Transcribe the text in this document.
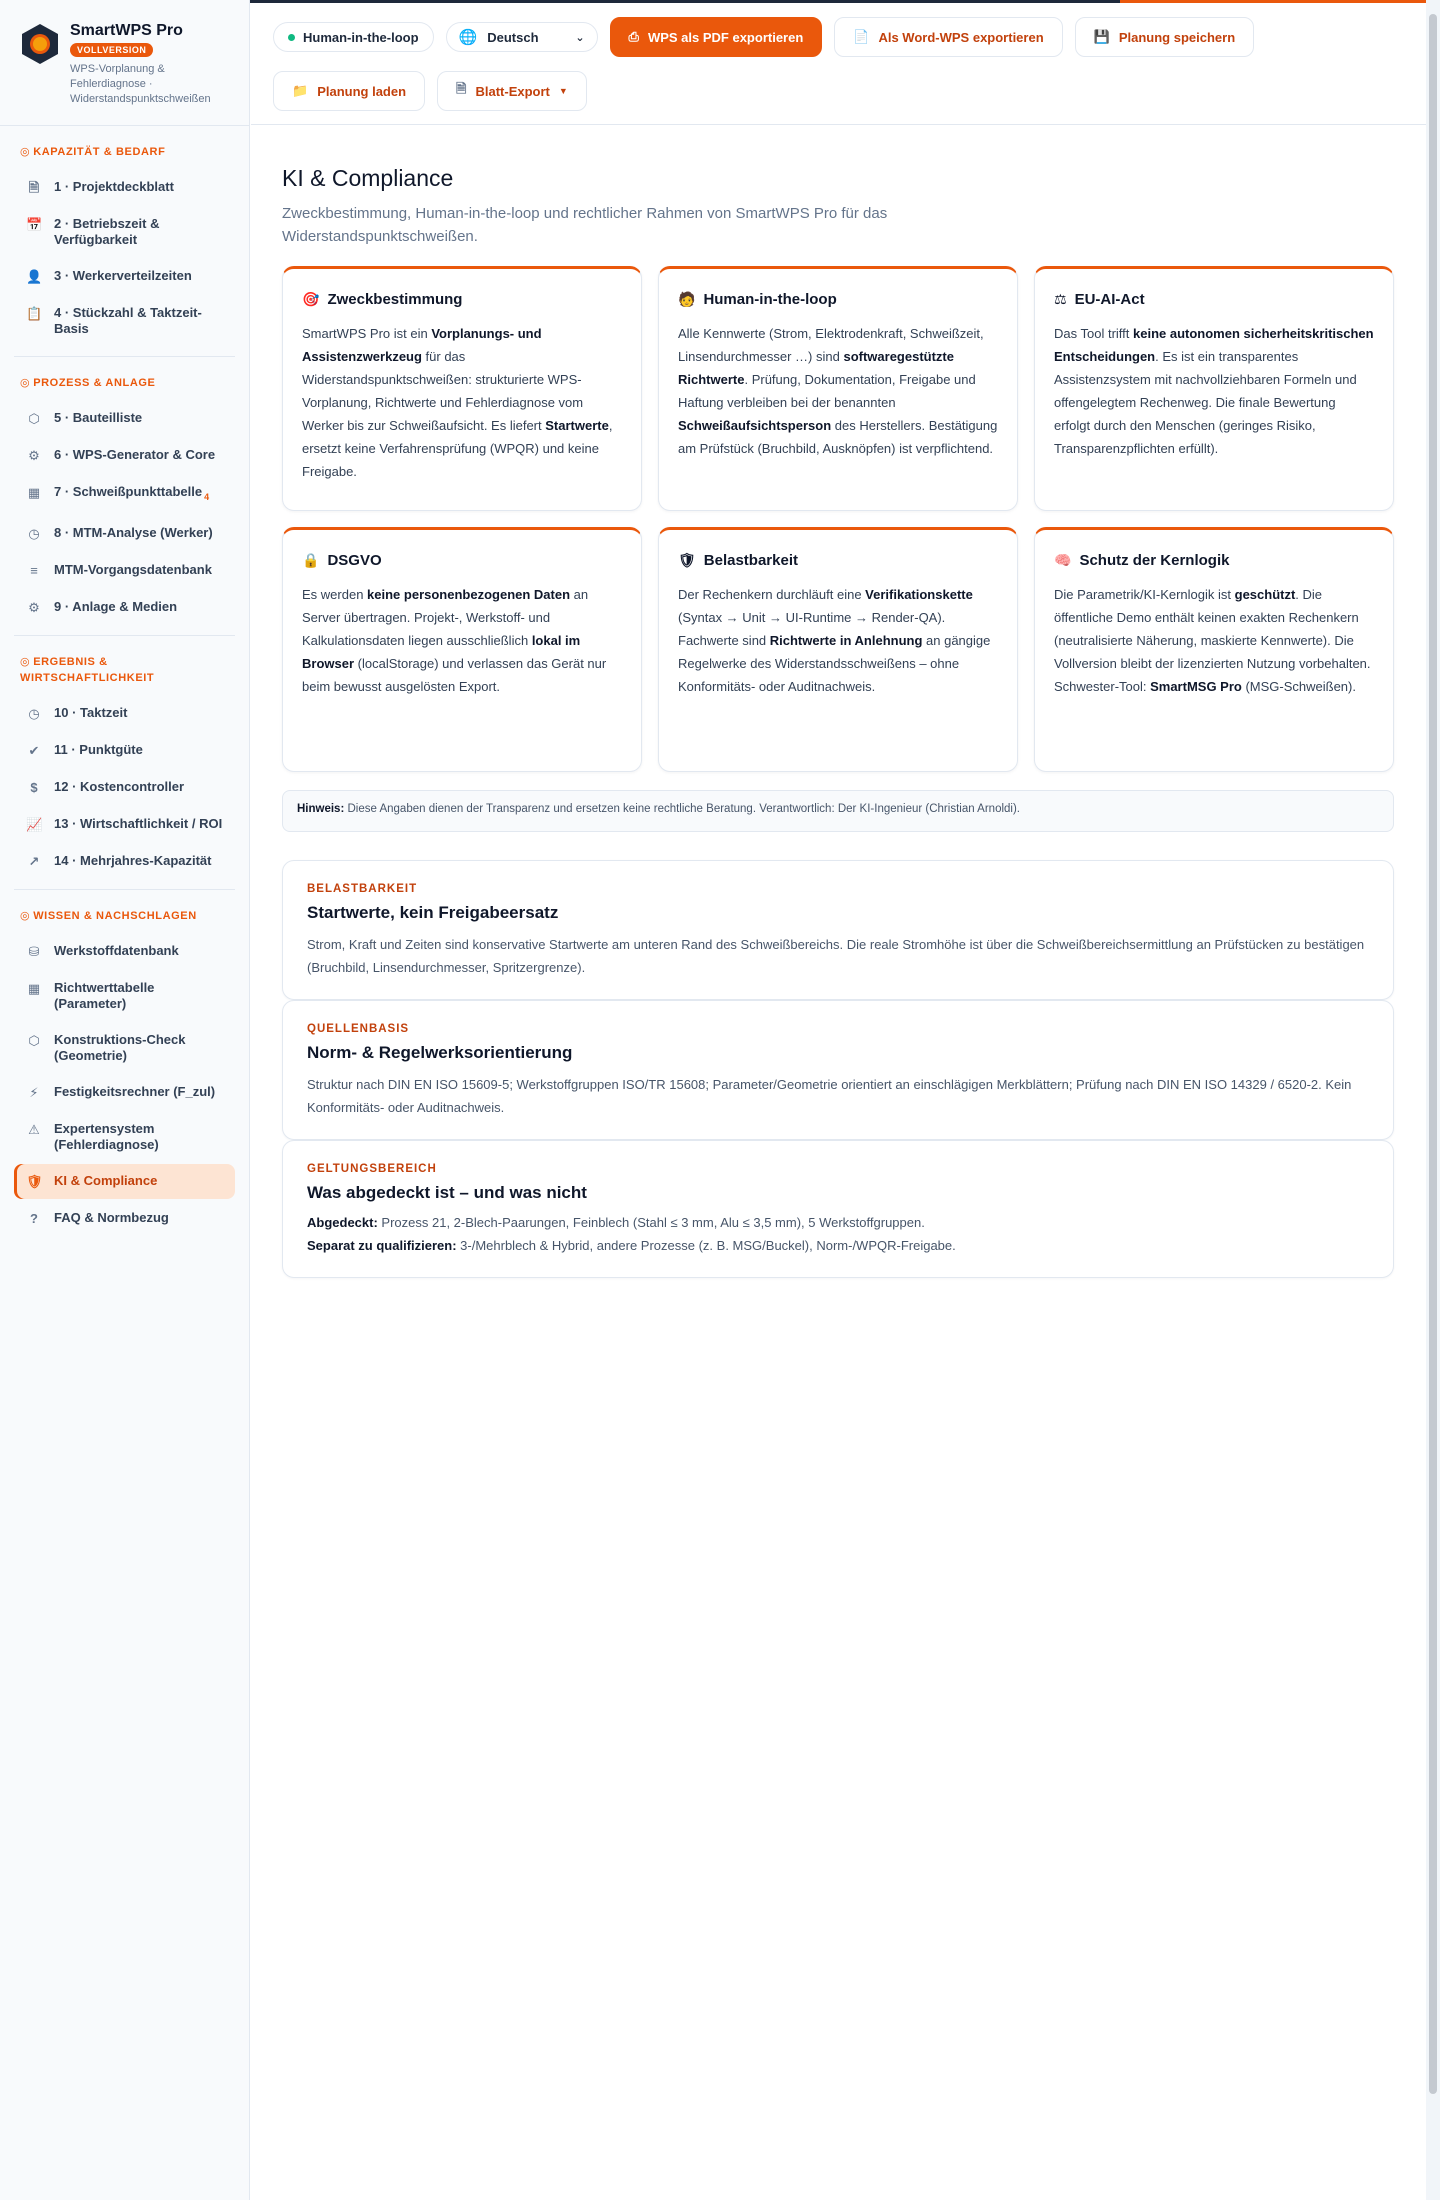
SmartWPS Pro
VOLLVERSION
WPS-Vorplanung & Fehlerdiagnose · Widerstandspunktschweißen
◎ KAPAZITÄT & BEDARF
🗎 1 · Projektdeckblatt
📅 2 · Betriebszeit & Verfügbarkeit
👤 3 · Werkerverteilzeiten
📋 4 · Stückzahl & Taktzeit-Basis
◎ PROZESS & ANLAGE
⬡ 5 · Bauteilliste
⚙ 6 · WPS-Generator & Core
▦ 7 · Schweißpunkttabelle $_4$
◷ 8 · MTM-Analyse (Werker)
≡	MTM-Vorgangsdatenbank
⚙ 9 · Anlage & Medien
◎ ERGEBNIS & WIRTSCHAFTLICHKEIT
◷ 10 · Taktzeit
✔ 11 · Punktgüte
$	12 · Kostencontroller
📈 13 · Wirtschaftlichkeit / ROI
↗ 14 · Mehrjahres-Kapazität
◎ WISSEN & NACHSCHLAGEN
⛁ Werkstoffdatenbank
▦ Richtwerttabelle (Parameter)
⬡ Konstruktions-Check (Geometrie)
⚡ Festigkeitsrechner (F_zul)
⚠ Expertensystem (Fehlerdiagnose)
🛡 KI & Compliance
?	FAQ & Normbezug
Human-in-the-loop	🌐 Deutsch	⌄	⎙ WPS als PDF exportieren	📄 Als Word-WPS exportieren	💾 Planung speichern
📁 Planung laden	🗎 Blatt-Export ▼
KI & Compliance

Zweckbestimmung, Human-in-the-loop und rechtlicher Rahmen von SmartWPS Pro für das Widerstandspunktschweißen.

🎯 Zweckbestimmung
SmartWPS Pro ist ein Vorplanungs- und Assistenzwerkzeug für das Widerstandspunktschweißen: strukturierte WPS-Vorplanung, Richtwerte und Fehlerdiagnose vom Werker bis zur Schweißaufsicht. Es liefert Startwerte, ersetzt keine Verfahrensprüfung (WPQR) und keine Freigabe.
🧑 Human-in-the-loop
Alle Kennwerte (Strom, Elektrodenkraft, Schweißzeit, Linsendurchmesser …) sind softwaregestützte Richtwerte. Prüfung, Dokumentation, Freigabe und Haftung verbleiben bei der benannten Schweißaufsichtsperson des Herstellers. Bestätigung am Prüfstück (Bruchbild, Ausknöpfen) ist verpflichtend.
⚖ EU-AI-Act
Das Tool trifft keine autonomen sicherheitskritischen Entscheidungen. Es ist ein transparentes Assistenzsystem mit nachvollziehbaren Formeln und offengelegtem Rechenweg. Die finale Bewertung erfolgt durch den Menschen (geringes Risiko, Transparenzpflichten erfüllt).
🔒 DSGVO
Es werden keine personenbezogenen Daten an Server übertragen. Projekt-, Werkstoff- und Kalkulationsdaten liegen ausschließlich lokal im Browser (localStorage) und verlassen das Gerät nur beim bewusst ausgelösten Export.
🛡 Belastbarkeit
Der Rechenkern durchläuft eine Verifikationskette (Syntax → Unit → UI-Runtime → Render-QA). Fachwerte sind Richtwerte in Anlehnung an gängige Regelwerke des Widerstandsschweißens – ohne Konformitäts- oder Auditnachweis.
🧠 Schutz der Kernlogik
Die Parametrik/KI-Kernlogik ist geschützt. Die öffentliche Demo enthält keinen exakten Rechenkern (neutralisierte Näherung, maskierte Kennwerte). Die Vollversion bleibt der lizenzierten Nutzung vorbehalten. Schwester-Tool: SmartMSG Pro (MSG-Schweißen).
Hinweis: Diese Angaben dienen der Transparenz und ersetzen keine rechtliche Beratung. Verantwortlich: Der KI-Ingenieur (Christian Arnoldi).
BELASTBARKEIT
Startwerte, kein Freigabeersatz
Strom, Kraft und Zeiten sind konservative Startwerte am unteren Rand des Schweißbereichs. Die reale Stromhöhe ist über die Schweißbereichsermittlung an Prüfstücken zu bestätigen (Bruchbild, Linsendurchmesser, Spritzergrenze).
QUELLENBASIS
Norm- & Regelwerksorientierung
Struktur nach DIN EN ISO 15609-5; Werkstoffgruppen ISO/TR 15608; Parameter/Geometrie orientiert an einschlägigen Merkblättern; Prüfung nach DIN EN ISO 14329 / 6520-2. Kein Konformitäts- oder Auditnachweis.
GELTUNGSBEREICH
Was abgedeckt ist – und was nicht
Abgedeckt: Prozess 21, 2-Blech-Paarungen, Feinblech (Stahl ≤ 3 mm, Alu ≤ 3,5 mm), 5 Werkstoffgruppen.
Separat zu qualifizieren: 3-/Mehrblech & Hybrid, andere Prozesse (z. B. MSG/Buckel), Norm-/WPQR-Freigabe.
